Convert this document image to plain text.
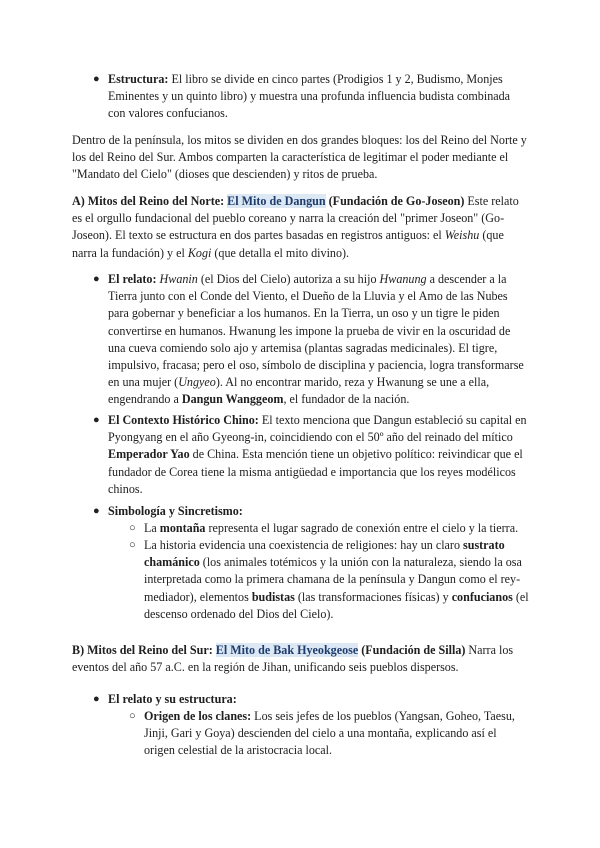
● Estructura: El libro se divide en cinco partes (Prodigios 1 y 2, Budismo, Monjes Eminentes y un quinto libro) y muestra una profunda influencia budista combinada con valores confucianos.

Dentro de la península, los mitos se dividen en dos grandes bloques: los del Reino del Norte y los del Reino del Sur. Ambos comparten la característica de legitimar el poder mediante el "Mandato del Cielo" (dioses que descienden) y ritos de prueba.

A) Mitos del Reino del Norte: El Mito de Dangun (Fundación de Go-Joseon) Este relato es el orgullo fundacional del pueblo coreano y narra la creación del "primer Joseon" (Go-Joseon). El texto se estructura en dos partes basadas en registros antiguos: el Weishu (que narra la fundación) y el Kogi (que detalla el mito divino).

● El relato: Hwanin (el Dios del Cielo) autoriza a su hijo Hwanung a descender a la Tierra junto con el Conde del Viento, el Dueño de la Lluvia y el Amo de las Nubes para gobernar y beneficiar a los humanos. En la Tierra, un oso y un tigre le piden convertirse en humanos. Hwanung les impone la prueba de vivir en la oscuridad de una cueva comiendo solo ajo y artemisa (plantas sagradas medicinales). El tigre, impulsivo, fracasa; pero el oso, símbolo de disciplina y paciencia, logra transformarse en una mujer (Ungyeo). Al no encontrar marido, reza y Hwanung se une a ella, engendrando a Dangun Wanggeom, el fundador de la nación.

● El Contexto Histórico Chino: El texto menciona que Dangun estableció su capital en Pyongyang en el año Gyeong-in, coincidiendo con el 50º año del reinado del mítico Emperador Yao de China. Esta mención tiene un objetivo político: reivindicar que el fundador de Corea tiene la misma antigüedad e importancia que los reyes modélicos chinos.

● Simbología y Sincretismo:

○ La montaña representa el lugar sagrado de conexión entre el cielo y la tierra.

○ La historia evidencia una coexistencia de religiones: hay un claro sustrato chamánico (los animales totémicos y la unión con la naturaleza, siendo la osa interpretada como la primera chamana de la península y Dangun como el rey-mediador), elementos budistas (las transformaciones físicas) y confucianos (el descenso ordenado del Dios del Cielo).

B) Mitos del Reino del Sur: El Mito de Bak Hyeokgeose (Fundación de Silla) Narra los eventos del año 57 a.C. en la región de Jihan, unificando seis pueblos dispersos.

● El relato y su estructura:

○ Origen de los clanes: Los seis jefes de los pueblos (Yangsan, Goheo, Taesu, Jinji, Gari y Goya) descienden del cielo a una montaña, explicando así el origen celestial de la aristocracia local.
